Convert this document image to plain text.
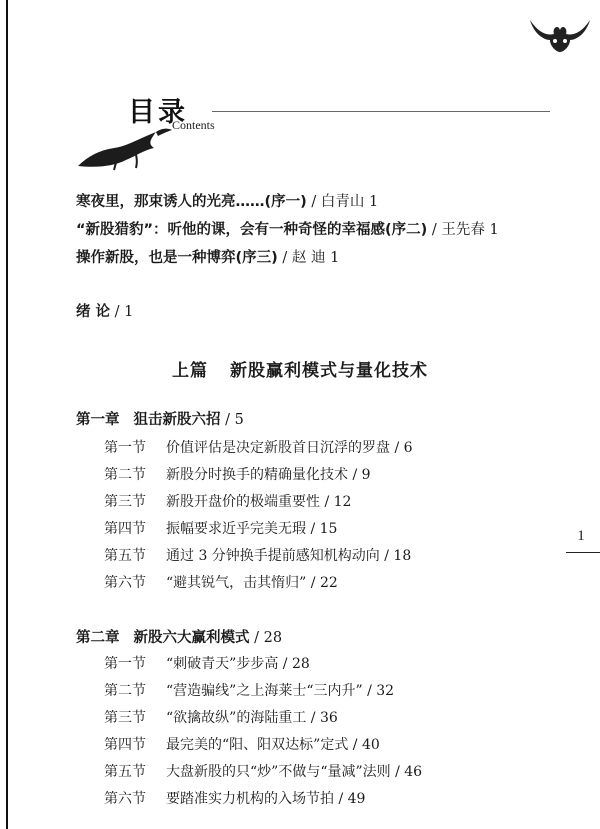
目录
Contents
寒夜里，那束诱人的光亮……(序一) / 白青山 1
“新股猎豹”：听他的课，会有一种奇怪的幸福感(序二) / 王先春 1
操作新股，也是一种博弈(序三) / 赵 迪 1
绪 论 / 1
上篇 新股赢利模式与量化技术
第一章 狙击新股六招 / 5
第一节 价值评估是决定新股首日沉浮的罗盘 / 6
第二节 新股分时换手的精确量化技术 / 9
第三节 新股开盘价的极端重要性 / 12
第四节 振幅要求近乎完美无瑕 / 15
第五节 通过 3 分钟换手提前感知机构动向 / 18
第六节 “避其锐气，击其惰归” / 22
第二章 新股六大赢利模式 / 28
第一节 “刺破青天”步步高 / 28
第二节 “营造骗线”之上海莱士“三内升” / 32
第三节 “欲擒故纵”的海陆重工 / 36
第四节 最完美的“阳、阳双达标”定式 / 40
第五节 大盘新股的只“炒”不做与“量减”法则 / 46
第六节 要踏准实力机构的入场节拍 / 49
1
